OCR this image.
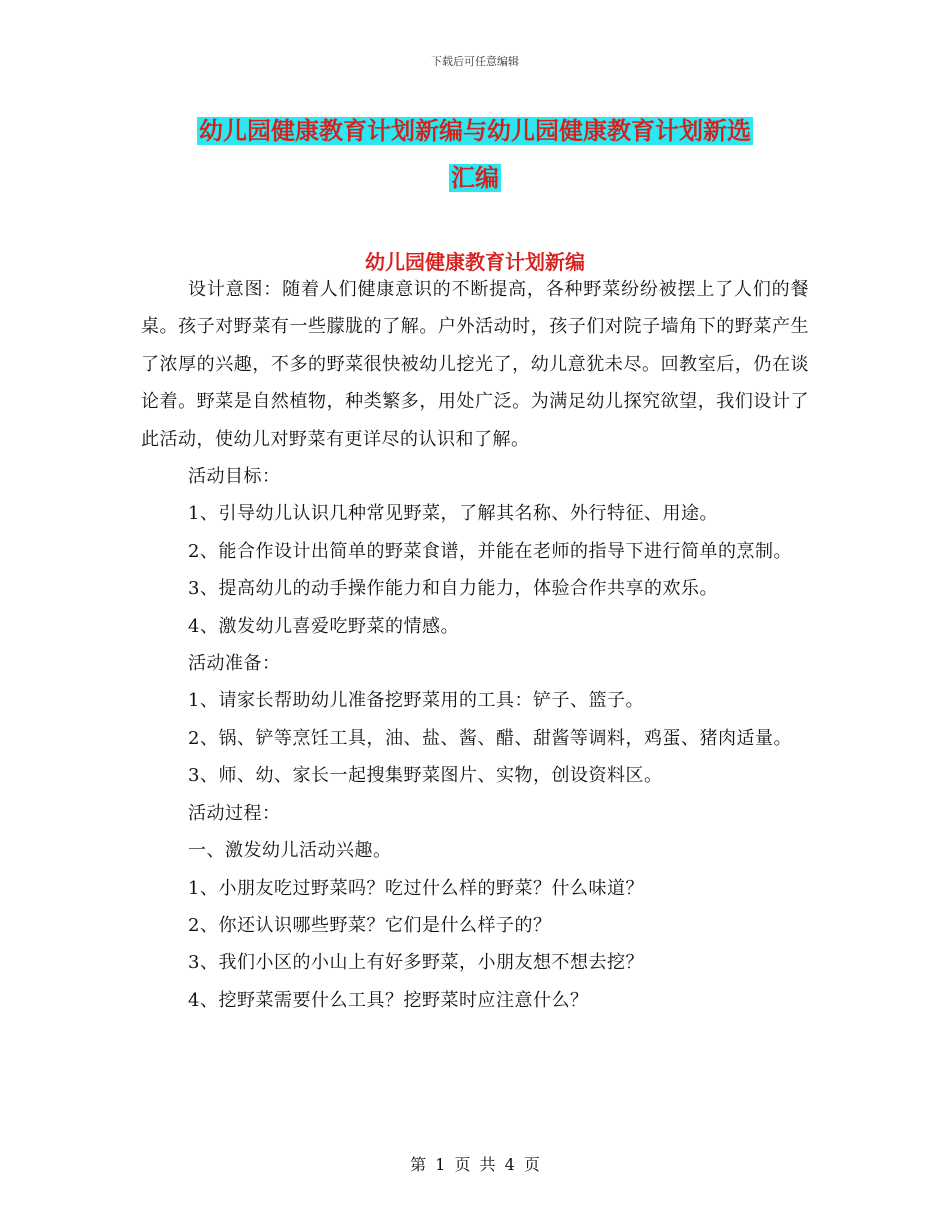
下载后可任意编辑
幼儿园健康教育计划新编与幼儿园健康教育计划新选
汇编
幼儿园健康教育计划新编

设计意图：随着人们健康意识的不断提高，各种野菜纷纷被摆上了人们的餐桌。孩子对野菜有一些朦胧的了解。户外活动时，孩子们对院子墙角下的野菜产生了浓厚的兴趣，不多的野菜很快被幼儿挖光了，幼儿意犹未尽。回教室后，仍在谈论着。野菜是自然植物，种类繁多，用处广泛。为满足幼儿探究欲望，我们设计了此活动，使幼儿对野菜有更详尽的认识和了解。

活动目标：

1、引导幼儿认识几种常见野菜，了解其名称、外行特征、用途。

2、能合作设计出简单的野菜食谱，并能在老师的指导下进行简单的烹制。

3、提高幼儿的动手操作能力和自力能力，体验合作共享的欢乐。

4、激发幼儿喜爱吃野菜的情感。

活动准备：

1、请家长帮助幼儿准备挖野菜用的工具：铲子、篮子。

2、锅、铲等烹饪工具，油、盐、酱、醋、甜酱等调料，鸡蛋、猪肉适量。

3、师、幼、家长一起搜集野菜图片、实物，创设资料区。

活动过程：

一、激发幼儿活动兴趣。

1、小朋友吃过野菜吗？吃过什么样的野菜？什么味道？

2、你还认识哪些野菜？它们是什么样子的？

3、我们小区的小山上有好多野菜，小朋友想不想去挖？

4、挖野菜需要什么工具？挖野菜时应注意什么？

第 1 页 共 4 页
